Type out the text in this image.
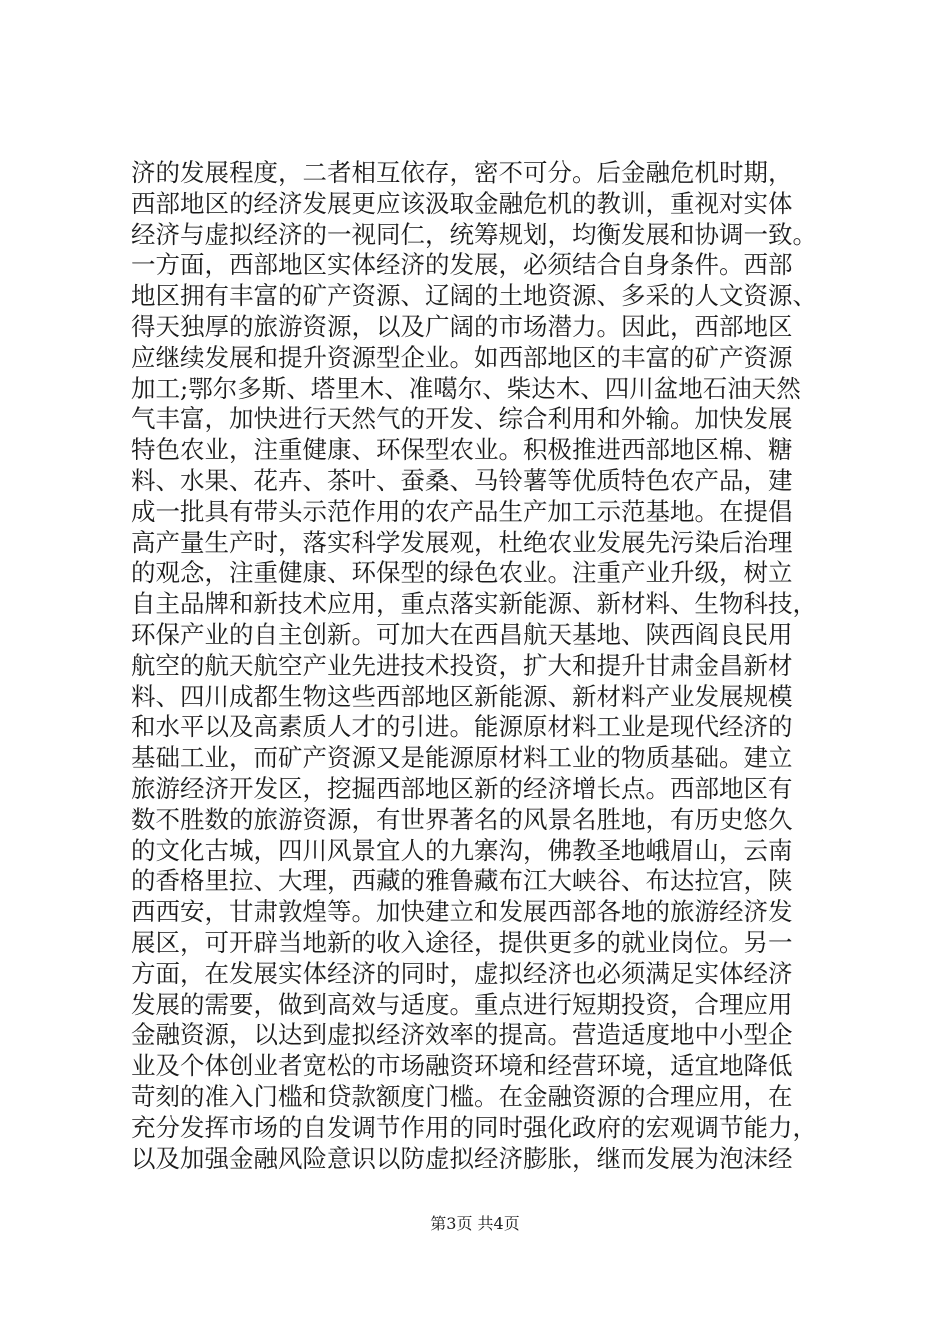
济的发展程度，二者相互依存，密不可分。后金融危机时期，
西部地区的经济发展更应该汲取金融危机的教训，重视对实体
经济与虚拟经济的一视同仁，统筹规划，均衡发展和协调一致。
一方面，西部地区实体经济的发展，必须结合自身条件。西部
地区拥有丰富的矿产资源、辽阔的土地资源、多采的人文资源、
得天独厚的旅游资源，以及广阔的市场潜力。因此，西部地区
应继续发展和提升资源型企业。如西部地区的丰富的矿产资源
加工;鄂尔多斯、塔里木、准噶尔、柴达木、四川盆地石油天然
气丰富，加快进行天然气的开发、综合利用和外输。加快发展
特色农业，注重健康、环保型农业。积极推进西部地区棉、糖
料、水果、花卉、茶叶、蚕桑、马铃薯等优质特色农产品，建
成一批具有带头示范作用的农产品生产加工示范基地。在提倡
高产量生产时，落实科学发展观，杜绝农业发展先污染后治理
的观念，注重健康、环保型的绿色农业。注重产业升级，树立
自主品牌和新技术应用，重点落实新能源、新材料、生物科技，
环保产业的自主创新。可加大在西昌航天基地、陕西阎良民用
航空的航天航空产业先进技术投资，扩大和提升甘肃金昌新材
料、四川成都生物这些西部地区新能源、新材料产业发展规模
和水平以及高素质人才的引进。能源原材料工业是现代经济的
基础工业，而矿产资源又是能源原材料工业的物质基础。建立
旅游经济开发区，挖掘西部地区新的经济增长点。西部地区有
数不胜数的旅游资源，有世界著名的风景名胜地，有历史悠久
的文化古城，四川风景宜人的九寨沟，佛教圣地峨眉山，云南
的香格里拉、大理，西藏的雅鲁藏布江大峡谷、布达拉宫，陕
西西安，甘肃敦煌等。加快建立和发展西部各地的旅游经济发
展区，可开辟当地新的收入途径，提供更多的就业岗位。另一
方面，在发展实体经济的同时，虚拟经济也必须满足实体经济
发展的需要，做到高效与适度。重点进行短期投资，合理应用
金融资源，以达到虚拟经济效率的提高。营造适度地中小型企
业及个体创业者宽松的市场融资环境和经营环境，适宜地降低
苛刻的准入门槛和贷款额度门槛。在金融资源的合理应用，在
充分发挥市场的自发调节作用的同时强化政府的宏观调节能力，
以及加强金融风险意识以防虚拟经济膨胀，继而发展为泡沫经
第3页 共4页
